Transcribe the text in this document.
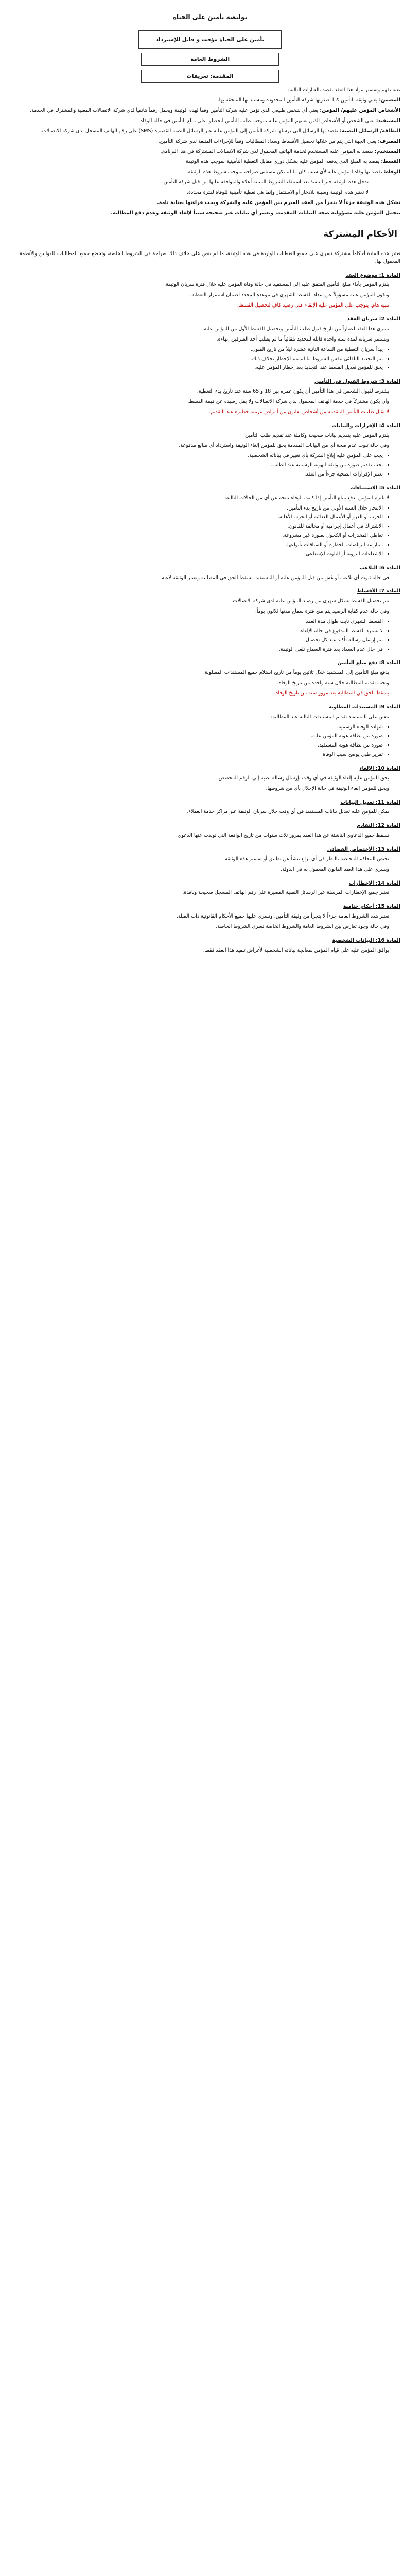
بوليصة تأمين على الحياة
تأمين على الحياة مؤقت و قابل للإسترداد
الشروط العامة
المقدمة: تعريفات

بغية تفهم وتفسير مواد هذا العقد يقصد بالعبارات التالية:

المضمن: يعني وثيقة التأمين كما أصدرتها شركة التأمين المحدودة ومستنداتها الملحقة بها.

الأشخاص المؤمن عليهم/ المؤمن: يعني أي شخص طبيعي الذي تؤمن عليه شركة التأمين وفقاً لهذه الوثيقة ويحمل رقماً هاتفياً لدى شركة الاتصالات المعنية والمشترك في الخدمة.

المستفيد: يعني الشخص أو الأشخاص الذين يعينهم المؤمن عليه بموجب طلب التأمين ليحصلوا على مبلغ التأمين في حالة الوفاة.

البطاقة/ الرسائل النصية: يقصد بها الرسائل التي ترسلها شركة التأمين إلى المؤمن عليه عبر الرسائل النصية القصيرة (SMS) على رقم الهاتف المسجل لدى شركة الاتصالات.

المصرف: يعني الجهة التي يتم من خلالها تحصيل الأقساط وسداد المطالبات وفقاً للإجراءات المتبعة لدى شركة التأمين.

المستخدم: يقصد به المؤمن عليه المستخدم لخدمة الهاتف المحمول لدى شركة الاتصالات المشتركة في هذا البرنامج.

القسط: يقصد به المبلغ الذي يدفعه المؤمن عليه بشكل دوري مقابل التغطية التأمينية بموجب هذه الوثيقة.

الوفاة: يقصد بها وفاة المؤمن عليه لأي سبب كان ما لم يكن مستثنى صراحة بموجب شروط هذه الوثيقة.

تدخل هذه الوثيقة حيز التنفيذ بعد استيفاء الشروط المبينة أعلاه والموافقة عليها من قبل شركة التأمين.

لا تعتبر هذه الوثيقة وسيلة للادخار أو الاستثمار وإنما هي تغطية تأمينية للوفاة لفترة محددة.

تشكل هذه الوثيقة جزءاً لا يتجزأ من العقد المبرم بين المؤمن عليه والشركة ويجب قراءتها بعناية تامة.

يتحمل المؤمن عليه مسؤولية صحة البيانات المقدمة، وتعتبر أي بيانات غير صحيحة سبباً لإلغاء الوثيقة وعدم دفع المطالبة.

الأحكام المشتركة

تعتبر هذه المادة أحكاماً مشتركة تسري على جميع التغطيات الواردة في هذه الوثيقة، ما لم ينص على خلاف ذلك صراحة في الشروط الخاصة، وتخضع جميع المطالبات للقوانين والأنظمة المعمول بها.

المادة 1: موضوع العقد

يلتزم المؤمن بأداء مبلغ التأمين المتفق عليه إلى المستفيد في حالة وفاة المؤمن عليه خلال فترة سريان الوثيقة.

ويكون المؤمن عليه مسؤولاً عن سداد القسط الشهري في موعده المحدد لضمان استمرار التغطية.

تنبيه هام: يتوجب على المؤمن عليه الإبقاء على رصيد كافٍ لتحصيل القسط.

المادة 2: سريان العقد

يسري هذا العقد اعتباراً من تاريخ قبول طلب التأمين وتحصيل القسط الأول من المؤمن عليه.

ويستمر سريانه لمدة سنة واحدة قابلة للتجديد تلقائياً ما لم يطلب أحد الطرفين إنهاءه.

• يبدأ سريان التغطية من الساعة الثانية عشرة ليلاً من تاريخ القبول.
• يتم التجديد التلقائي بنفس الشروط ما لم يتم الإخطار بخلاف ذلك.
• يحق للمؤمن تعديل القسط عند التجديد بعد إخطار المؤمن عليه.
المادة 3: شروط القبول في التأمين

يشترط لقبول الشخص في هذا التأمين أن يكون عمره بين 18 و 65 سنة عند تاريخ بدء التغطية.

وأن يكون مشتركاً في خدمة الهاتف المحمول لدى شركة الاتصالات ولا يقل رصيده عن قيمة القسط.

لا تقبل طلبات التأمين المقدمة من أشخاص يعانون من أمراض مزمنة خطيرة عند التقديم.

المادة 4: الإقرارات والبيانات

يلتزم المؤمن عليه بتقديم بيانات صحيحة وكاملة عند تقديم طلب التأمين.

وفي حالة ثبوت عدم صحة أي من البيانات المقدمة يحق للمؤمن إلغاء الوثيقة واسترداد أي مبالغ مدفوعة.

• يجب على المؤمن عليه إبلاغ الشركة بأي تغيير في بياناته الشخصية.
• يجب تقديم صورة من وثيقة الهوية الرسمية عند الطلب.
• تعتبر الإقرارات الصحية جزءاً من العقد.
المادة 5: الاستثناءات

لا يلتزم المؤمن بدفع مبلغ التأمين إذا كانت الوفاة ناتجة عن أي من الحالات التالية:

• الانتحار خلال السنة الأولى من تاريخ بدء التأمين.
• الحرب أو الغزو أو الأعمال العدائية أو الحرب الأهلية.
• الاشتراك في أعمال إجرامية أو مخالفة للقانون.
• تعاطي المخدرات أو الكحول بصورة غير مشروعة.
• ممارسة الرياضات الخطرة أو السباقات بأنواعها.
• الإشعاعات النووية أو التلوث الإشعاعي.
المادة 6: التلاعب

في حالة ثبوت أي تلاعب أو غش من قبل المؤمن عليه أو المستفيد، يسقط الحق في المطالبة وتعتبر الوثيقة لاغية.

المادة 7: الأقساط

يتم تحصيل القسط بشكل شهري من رصيد المؤمن عليه لدى شركة الاتصالات.

وفي حالة عدم كفاية الرصيد يتم منح فترة سماح مدتها ثلاثون يوماً.

• القسط الشهري ثابت طوال مدة العقد.
• لا يسترد القسط المدفوع في حالة الإلغاء.
• يتم إرسال رسالة تأكيد عند كل تحصيل.
• في حال عدم السداد بعد فترة السماح تلغى الوثيقة.
المادة 8: دفع مبلغ التأمين

يدفع مبلغ التأمين إلى المستفيد خلال ثلاثين يوماً من تاريخ استلام جميع المستندات المطلوبة.

ويجب تقديم المطالبة خلال سنة واحدة من تاريخ الوفاة.

يسقط الحق في المطالبة بعد مرور سنة من تاريخ الوفاة.

المادة 9: المستندات المطلوبة

يتعين على المستفيد تقديم المستندات التالية عند المطالبة:

• شهادة الوفاة الرسمية.
• صورة من بطاقة هوية المؤمن عليه.
• صورة من بطاقة هوية المستفيد.
• تقرير طبي يوضح سبب الوفاة.
المادة 10: الإلغاء

يحق للمؤمن عليه إلغاء الوثيقة في أي وقت بإرسال رسالة نصية إلى الرقم المخصص.

ويحق للمؤمن إلغاء الوثيقة في حالة الإخلال بأي من شروطها.

المادة 11: تعديل البيانات

يمكن للمؤمن عليه تعديل بيانات المستفيد في أي وقت خلال سريان الوثيقة عبر مراكز خدمة العملاء.

المادة 12: التقادم

تسقط جميع الدعاوى الناشئة عن هذا العقد بمرور ثلاث سنوات من تاريخ الواقعة التي تولدت عنها الدعوى.

المادة 13: الاختصاص القضائي

تختص المحاكم المختصة بالنظر في أي نزاع ينشأ عن تطبيق أو تفسير هذه الوثيقة.

ويسري على هذا العقد القانون المعمول به في الدولة.

المادة 14: الإخطارات

تعتبر جميع الإخطارات المرسلة عبر الرسائل النصية القصيرة على رقم الهاتف المسجل صحيحة ونافذة.

المادة 15: أحكام ختامية

تعتبر هذه الشروط العامة جزءاً لا يتجزأ من وثيقة التأمين، وتسري عليها جميع الأحكام القانونية ذات الصلة.

وفي حالة وجود تعارض بين الشروط العامة والشروط الخاصة تسري الشروط الخاصة.

المادة 16: البيانات الشخصية

يوافق المؤمن عليه على قيام المؤمن بمعالجة بياناته الشخصية لأغراض تنفيذ هذا العقد فقط.
